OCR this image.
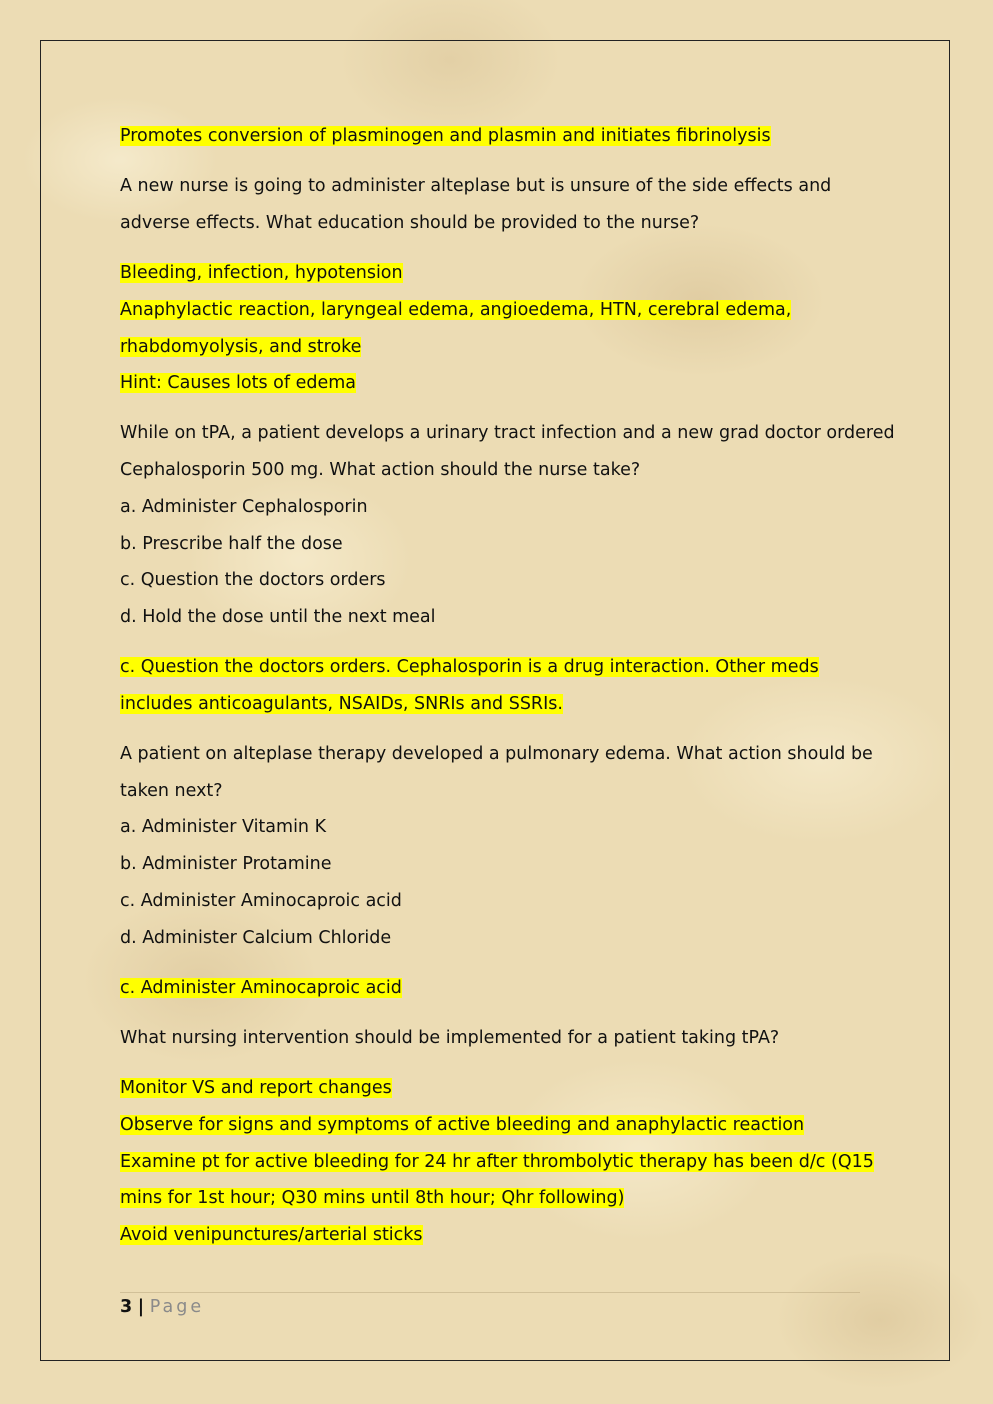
Promotes conversion of plasminogen and plasmin and initiates fibrinolysis
A new nurse is going to administer alteplase but is unsure of the side effects and
adverse effects. What education should be provided to the nurse?
Bleeding, infection, hypotension
Anaphylactic reaction, laryngeal edema, angioedema, HTN, cerebral edema,
rhabdomyolysis, and stroke
Hint: Causes lots of edema
While on tPA, a patient develops a urinary tract infection and a new grad doctor ordered
Cephalosporin 500 mg. What action should the nurse take?
a. Administer Cephalosporin
b. Prescribe half the dose
c. Question the doctors orders
d. Hold the dose until the next meal
c. Question the doctors orders. Cephalosporin is a drug interaction. Other meds
includes anticoagulants, NSAIDs, SNRIs and SSRIs.
A patient on alteplase therapy developed a pulmonary edema. What action should be
taken next?
a. Administer Vitamin K
b. Administer Protamine
c. Administer Aminocaproic acid
d. Administer Calcium Chloride
c. Administer Aminocaproic acid
What nursing intervention should be implemented for a patient taking tPA?
Monitor VS and report changes
Observe for signs and symptoms of active bleeding and anaphylactic reaction
Examine pt for active bleeding for 24 hr after thrombolytic therapy has been d/c (Q15
mins for 1st hour; Q30 mins until 8th hour; Qhr following)
Avoid venipunctures/arterial sticks
3 | Page
